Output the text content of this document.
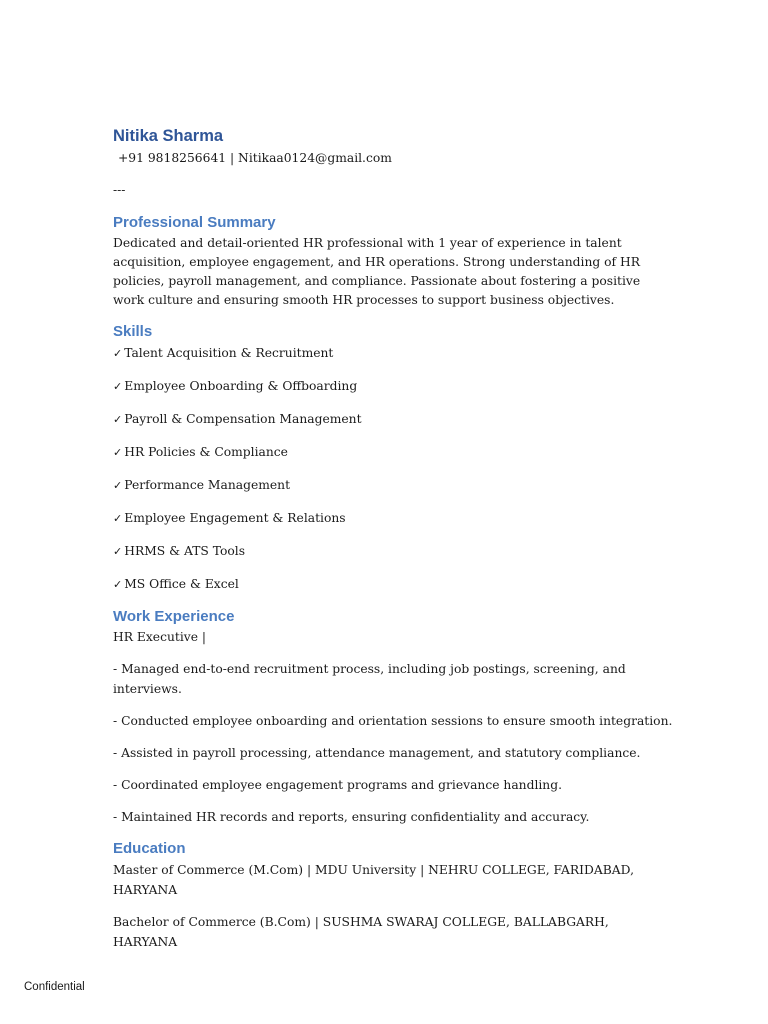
Nitika Sharma
+91 9818256641 | Nitikaa0124@gmail.com
---
Professional Summary

Dedicated and detail-oriented HR professional with 1 year of experience in talent acquisition, employee engagement, and HR operations. Strong understanding of HR policies, payroll management, and compliance. Passionate about fostering a positive work culture and ensuring smooth HR processes to support business objectives.

Skills

✓ Talent Acquisition & Recruitment

✓ Employee Onboarding & Offboarding

✓ Payroll & Compensation Management

✓ HR Policies & Compliance

✓ Performance Management

✓ Employee Engagement & Relations

✓ HRMS & ATS Tools

✓ MS Office & Excel

Work Experience

HR Executive |

- Managed end-to-end recruitment process, including job postings, screening, and interviews.

- Conducted employee onboarding and orientation sessions to ensure smooth integration.

- Assisted in payroll processing, attendance management, and statutory compliance.

- Coordinated employee engagement programs and grievance handling.

- Maintained HR records and reports, ensuring confidentiality and accuracy.

Education

Master of Commerce (M.Com) | MDU University | NEHRU COLLEGE, FARIDABAD, HARYANA

Bachelor of Commerce (B.Com) | SUSHMA SWARAJ COLLEGE, BALLABGARH, HARYANA

Confidential
